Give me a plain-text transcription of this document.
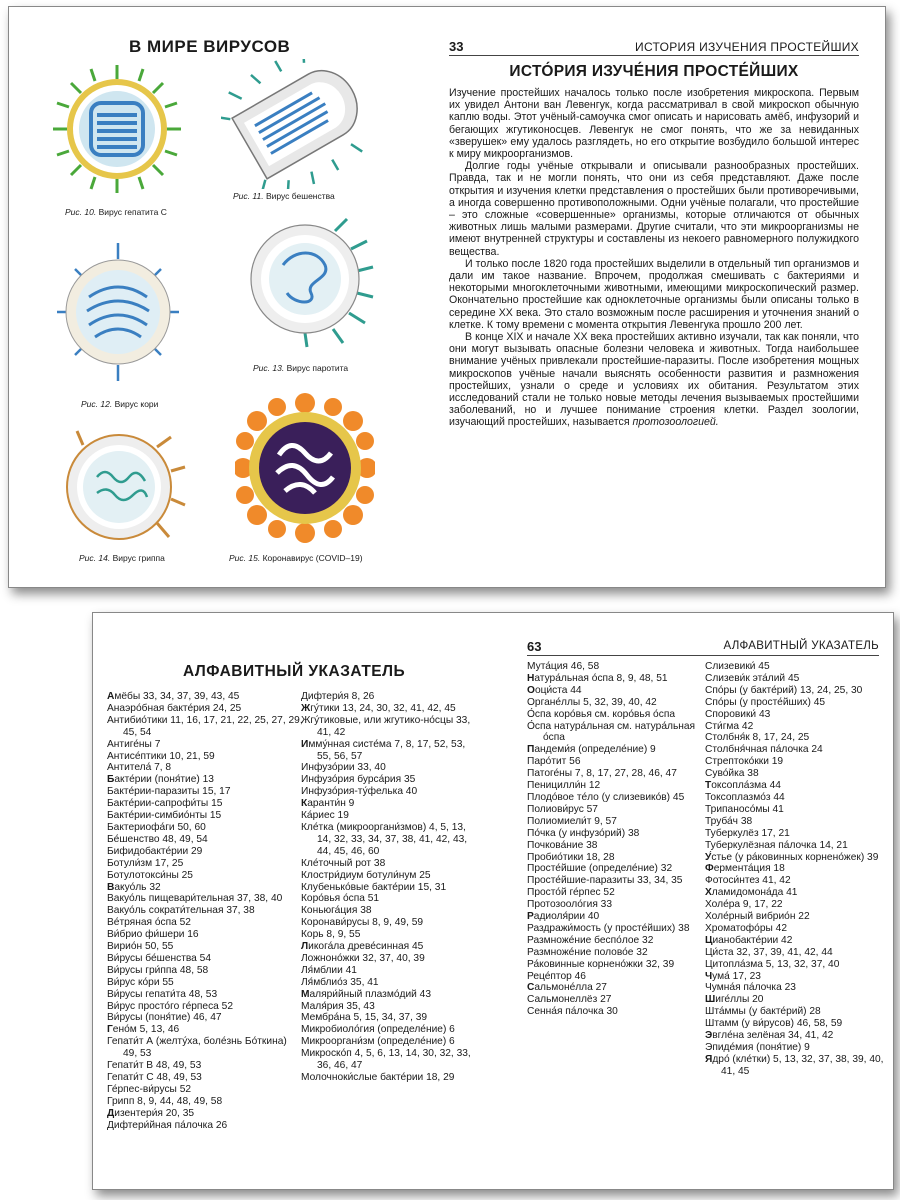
В МИРЕ ВИРУСОВ
Рис. 10. Вирус гепатита С
Рис. 11. Вирус бешенства
Рис. 12. Вирус кори
Рис. 13. Вирус паротита
Рис. 14. Вирус гриппа	Рис. 15. Коронавирус (COVID–19)
33	ИСТОРИЯ ИЗУЧЕНИЯ ПРОСТЕЙШИХ
ИСТО́РИЯ ИЗУЧЕ́НИЯ ПРОСТЕ́ЙШИХ

Изучение простейших началось только после изобретения микроскопа. Первым их увидел Антони ван Левенгук, когда рассматривал в свой микроскоп обычную каплю воды. Этот учёный-самоучка смог описать и нарисовать амёб, инфузорий и бегающих жгутиконосцев. Левенгук не смог понять, что же за невиданных «зверушек» ему удалось разглядеть, но его открытие возбудило большой интерес к миру микроорганизмов.

Долгие годы учёные открывали и описывали разнообразных простейших. Правда, так и не могли понять, что они из себя представляют. Даже после открытия и изучения клетки представления о простейших были противоречивыми, а иногда совершенно противоположными. Одни учёные полагали, что простейшие – это сложные «совершенные» организмы, которые отличаются от обычных животных лишь малыми размерами. Другие считали, что эти микроорганизмы не имеют внутренней структуры и составлены из некоего равномерного полужидкого вещества.

И только после 1820 года простейших выделили в отдельный тип организмов и дали им такое название. Впрочем, продолжая смешивать с бактериями и некоторыми многоклеточными животными, имеющими микроскопический размер. Окончательно простейшие как одноклеточные организмы были описаны только в середине XX века. Это стало возможным после расширения и уточнения знаний о клетке. К тому времени с момента открытия Левенгука прошло 200 лет.

В конце XIX и начале XX века простейших активно изучали, так как поняли, что они могут вызывать опасные болезни человека и животных. Тогда наибольшее внимание учёных привлекали простейшие-паразиты. После изобретения мощных микроскопов учёные начали выяснять особенности развития и размножения простейших, узнали о среде и условиях их обитания. Результатом этих исследований стали не только новые методы лечения вызываемых простейшими заболеваний, но и лучшее понимание строения клетки. Раздел зоологии, изучающий простейших, называется протозоологией.

АЛФАВИТНЫЙ УКАЗАТЕЛЬ
Амёбы 33, 34, 37, 39, 43, 45
Анаэро́бная бакте́рия 24, 25
Антибио́тики 11, 16, 17, 21, 22, 25, 27, 29, 45, 54
Антиге́ны 7
Антисе́птики 10, 21, 59
Антитела́ 7, 8
Бакте́рии (поня́тие) 13
Бакте́рии-паразиты 15, 17
Бакте́рии-сапрофи́ты 15
Бакте́рии-симбио́нты 15
Бактериофа́ги 50, 60
Бе́шенство 48, 49, 54
Бифидобакте́рии 29
Ботули́зм 17, 25
Ботулотокси́ны 25
Вакуо́ль 32
Вакуо́ль пищевари́тельная 37, 38, 40
Вакуо́ль сократи́тельная 37, 38
Ве́тряная о́спа 52
Ви́брио фи́шери 16
Вирио́н 50, 55
Ви́русы бе́шенства 54
Ви́русы гри́ппа 48, 58
Ви́рус ко́ри 55
Ви́русы гепати́та 48, 53
Ви́рус просто́го ге́рпеса 52
Ви́русы (поня́тие) 46, 47
Гено́м 5, 13, 46
Гепати́т А (желту́ха, боле́знь Бо́ткина) 49, 53
Гепати́т В 48, 49, 53
Гепати́т С 48, 49, 53
Ге́рпес-ви́русы 52
Грипп 8, 9, 44, 48, 49, 58
Дизентери́я 20, 35
Дифтери́йная па́лочка 26
Дифтери́я 8, 26
Жгу́тики 13, 24, 30, 32, 41, 42, 45
Жгу́тиковые, или жгутико-но́сцы 33, 41, 42
Имму́нная систе́ма 7, 8, 17, 52, 53, 55, 56, 57
Инфузо́рии 33, 40
Инфузо́рия бурса́рия 35
Инфузо́рия-ту́фелька 40
Каранти́н 9
Ка́риес 19
Кле́тка (микрооргани́змов) 4, 5, 13, 14, 32, 33, 34, 37, 38, 41, 42, 43, 44, 45, 46, 60
Кле́точный рот 38
Клостри́диум ботули́нум 25
Клубенько́вые бакте́рии 15, 31
Коро́вья о́спа 51
Коньюга́ция 38
Коронави́русы 8, 9, 49, 59
Корь 8, 9, 55
Ликога́ла древе́синная 45
Ложноно́жки 32, 37, 40, 39
Ля́мблии 41
Ля́мблио́з 35, 41
Маляри́йный плазмо́дий 43
Маля́рия 35, 43
Мембра́на 5, 15, 34, 37, 39
Микробиоло́гия (определе́ние) 6
Микрооргани́зм (определе́ние) 6
Микроско́п 4, 5, 6, 13, 14, 30, 32, 33, 36, 46, 47
Молочноки́слые бакте́рии 18, 29
63	АЛФАВИТНЫЙ УКАЗАТЕЛЬ
Мута́ция 46, 58
Натура́льная о́спа 8, 9, 48, 51
Ооци́ста 44
Органе́ллы 5, 32, 39, 40, 42
О́спа коро́вья см. коро́вья о́спа
О́спа натура́льная см. натура́льная о́спа
Пандеми́я (определе́ние) 9
Паро́тит 56
Патоге́ны 7, 8, 17, 27, 28, 46, 47
Пеницилли́н 12
Плодо́вое те́ло (у слизевико́в) 45
Полиови́рус 57
Полиомиели́т 9, 57
По́чка (у инфузо́рий) 38
Почкова́ние 38
Пробио́тики 18, 28
Просте́йшие (определе́ние) 32
Просте́йшие-паразиты 33, 34, 35
Просто́й ге́рпес 52
Протозооло́гия 33
Радиоля́рии 40
Раздражи́мость (у просте́йших) 38
Размноже́ние беспо́лое 32
Размноже́ние полово́е 32
Ра́ковинные корнено́жки 32, 39
Реце́птор 46
Сальмоне́лла 27
Сальмонеллёз 27
Сенна́я па́лочка 30
Слизевики́ 45
Слизеви́к эта́лий 45
Спо́ры (у бакте́рий) 13, 24, 25, 30
Спо́ры (у просте́йших) 45
Споровики́ 43
Сти́гма 42
Столбня́к 8, 17, 24, 25
Столбня́чная па́лочка 24
Стрептоко́кки 19
Суво́йка 38
Токсопла́зма 44
Токсоплазмо́з 44
Трипаносо́мы 41
Труба́ч 38
Туберкулёз 17, 21
Туберкулёзная па́лочка 14, 21
У́стье (у ра́ковинных корнено́жек) 39
Фермента́ция 18
Фотоси́нтез 41, 42
Хламидомона́да 41
Холе́ра 9, 17, 22
Холе́рный вибрио́н 22
Хроматофо́ры 42
Цианобакте́рии 42
Ци́ста 32, 37, 39, 41, 42, 44
Цитопла́зма 5, 13, 32, 37, 40
Чума́ 17, 23
Чумна́я па́лочка 23
Шиге́ллы 20
Шта́ммы (у бакте́рий) 28
Штамм (у ви́русов) 46, 58, 59
Эвгле́на зелёная 34, 41, 42
Эпиде́мия (поня́тие) 9
Ядро́ (кле́тки) 5, 13, 32, 37, 38, 39, 40, 41, 45
